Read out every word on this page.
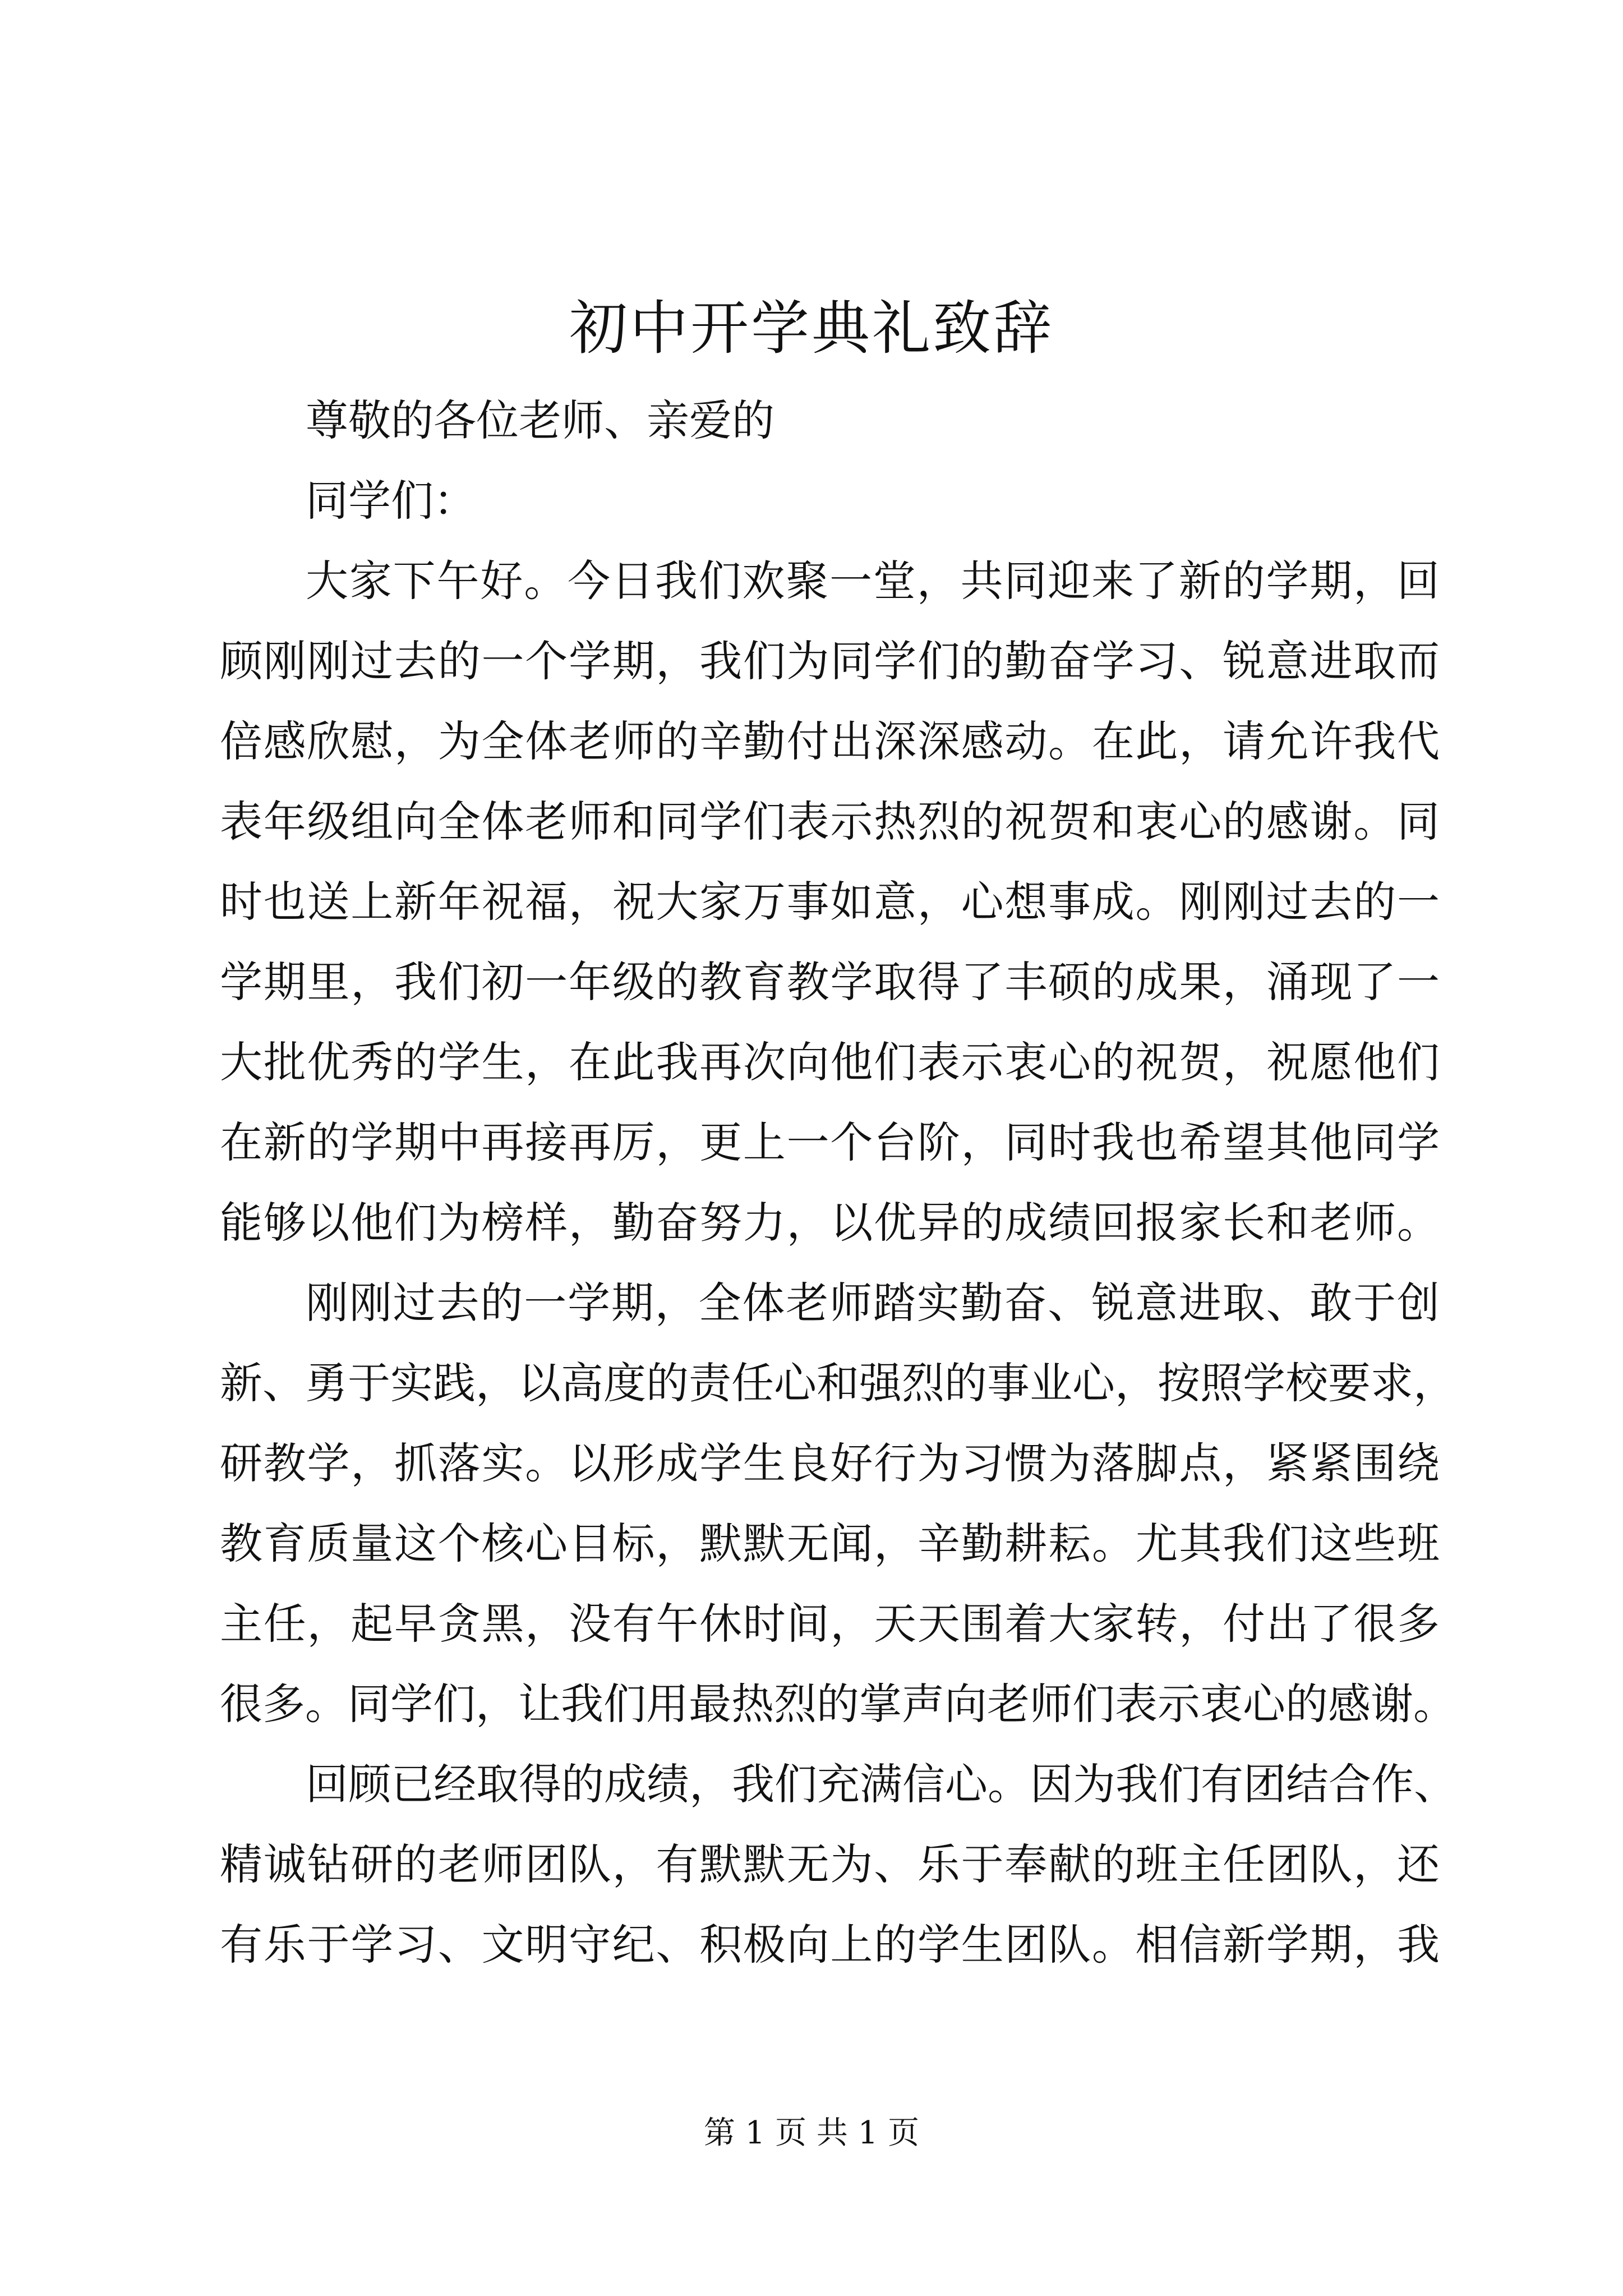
初中开学典礼致辞

尊敬的各位老师、亲爱的

同学们：

大家下午好。今日我们欢聚一堂，共同迎来了新的学期，回

顾刚刚过去的一个学期，我们为同学们的勤奋学习、锐意进取而

倍感欣慰，为全体老师的辛勤付出深深感动。在此，请允许我代

表年级组向全体老师和同学们表示热烈的祝贺和衷心的感谢。同

时也送上新年祝福，祝大家万事如意，心想事成。刚刚过去的一

学期里，我们初一年级的教育教学取得了丰硕的成果，涌现了一

大批优秀的学生，在此我再次向他们表示衷心的祝贺，祝愿他们

在新的学期中再接再厉，更上一个台阶，同时我也希望其他同学

能够以他们为榜样，勤奋努力，以优异的成绩回报家长和老师。

刚刚过去的一学期，全体老师踏实勤奋、锐意进取、敢于创

新、勇于实践，以高度的责任心和强烈的事业心，按照学校要求，

研教学，抓落实。以形成学生良好行为习惯为落脚点，紧紧围绕

教育质量这个核心目标，默默无闻，辛勤耕耘。尤其我们这些班

主任，起早贪黑，没有午休时间，天天围着大家转，付出了很多

很多。同学们，让我们用最热烈的掌声向老师们表示衷心的感谢。

回顾已经取得的成绩，我们充满信心。因为我们有团结合作、

精诚钻研的老师团队，有默默无为、乐于奉献的班主任团队，还

有乐于学习、文明守纪、积极向上的学生团队。相信新学期，我

第 1 页 共 1 页
